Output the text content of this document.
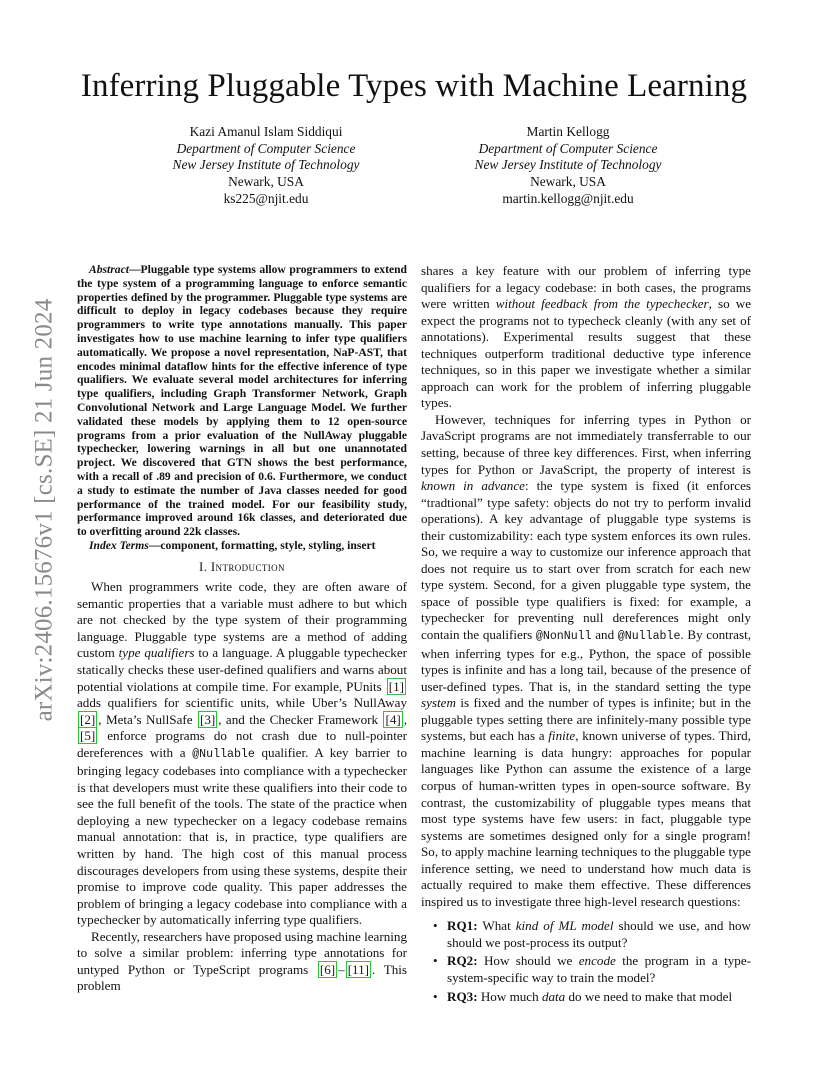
arXiv:2406.15676v1 [cs.SE] 21 Jun 2024
Inferring Pluggable Types with Machine Learning
Kazi Amanul Islam Siddiqui
Department of Computer Science
New Jersey Institute of Technology
Newark, USA
ks225@njit.edu
Martin Kellogg
Department of Computer Science
New Jersey Institute of Technology
Newark, USA
martin.kellogg@njit.edu

Abstract—Pluggable type systems allow programmers to extend the type system of a programming language to enforce semantic properties defined by the programmer. Pluggable type systems are difficult to deploy in legacy codebases because they require programmers to write type annotations manually. This paper investigates how to use machine learning to infer type qualifiers automatically. We propose a novel representation, NaP-AST, that encodes minimal dataflow hints for the effective inference of type qualifiers. We evaluate several model architectures for inferring type qualifiers, including Graph Transformer Network, Graph Convolutional Network and Large Language Model. We further validated these models by applying them to 12 open-source programs from a prior evaluation of the NullAway pluggable typechecker, lowering warnings in all but one unannotated project. We discovered that GTN shows the best performance, with a recall of .89 and precision of 0.6. Furthermore, we conduct a study to estimate the number of Java classes needed for good performance of the trained model. For our feasibility study, performance improved around 16k classes, and deteriorated due to overfitting around 22k classes.

Index Terms—component, formatting, style, styling, insert

I. Introduction

When programmers write code, they are often aware of semantic properties that a variable must adhere to but which are not checked by the type system of their programming language. Pluggable type systems are a method of adding custom type qualifiers to a language. A pluggable typechecker statically checks these user-defined qualifiers and warns about potential violations at compile time. For example, PUnits [1] adds qualifiers for scientific units, while Uber’s NullAway [2] , Meta’s NullSafe [3] , and the Checker Framework [4] , [5] enforce programs do not crash due to null-pointer dereferences with a @Nullable qualifier. A key barrier to bringing legacy codebases into compliance with a typechecker is that developers must write these qualifiers into their code to see the full benefit of the tools. The state of the practice when deploying a new typechecker on a legacy codebase remains manual annotation: that is, in practice, type qualifiers are written by hand. The high cost of this manual process discourages developers from using these systems, despite their promise to improve code quality. This paper addresses the problem of bringing a legacy codebase into compliance with a typechecker by automatically inferring type qualifiers.

Recently, researchers have proposed using machine learning to solve a similar problem: inferring type annotations for untyped Python or TypeScript programs [6] – [11] . This problem

shares a key feature with our problem of inferring type qualifiers for a legacy codebase: in both cases, the programs were written without feedback from the typechecker, so we expect the programs not to typecheck cleanly (with any set of annotations). Experimental results suggest that these techniques outperform traditional deductive type inference techniques, so in this paper we investigate whether a similar approach can work for the problem of inferring pluggable types.

However, techniques for inferring types in Python or JavaScript programs are not immediately transferrable to our setting, because of three key differences. First, when inferring types for Python or JavaScript, the property of interest is known in advance: the type system is fixed (it enforces “tradtional” type safety: objects do not try to perform invalid operations). A key advantage of pluggable type systems is their customizability: each type system enforces its own rules. So, we require a way to customize our inference approach that does not require us to start over from scratch for each new type system. Second, for a given pluggable type system, the space of possible type qualifiers is fixed: for example, a typechecker for preventing null dereferences might only contain the qualifiers @NonNull and @Nullable. By contrast, when inferring types for e.g., Python, the space of possible types is infinite and has a long tail, because of the presence of user-defined types. That is, in the standard setting the type system is fixed and the number of types is infinite; but in the pluggable types setting there are infinitely-many possible type systems, but each has a finite, known universe of types. Third, machine learning is data hungry: approaches for popular languages like Python can assume the existence of a large corpus of human-written types in open-source software. By contrast, the customizability of pluggable types means that most type systems have few users: in fact, pluggable type systems are sometimes designed only for a single program! So, to apply machine learning techniques to the pluggable type inference setting, we need to understand how much data is actually required to make them effective. These differences inspired us to investigate three high-level research questions:

• RQ1: What kind of ML model should we use, and how should we post-process its output?
• RQ2: How should we encode the program in a type-system-specific way to train the model?
• RQ3: How much data do we need to make that model
